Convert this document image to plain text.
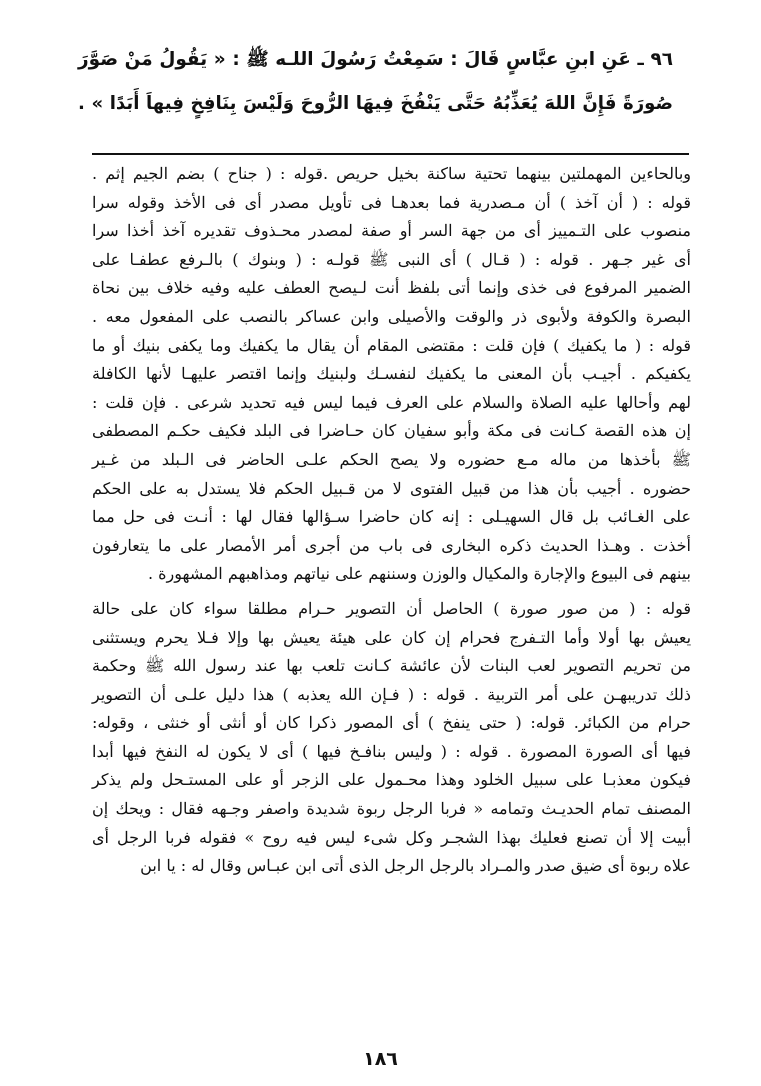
٩٦ ـ عَنِ ابنِ عبَّاسٍ قَالَ : سَمِعْتُ رَسُولَ اللـه ﷺ : « يَقُولُ مَنْ صَوَّرَ

صُورَةً فَإِنَّ اللهَ يُعَذِّبُهُ حَتَّى يَنْفُخَ فِيهَا الرُّوحَ وَلَيْسَ بِنَافِخٍ فِيهاَ أَبَدًا » .

وبالحاءين المهملتين بينهما تحتية ساكنة بخيل حريص .قوله : ( جناح ) بضم الجيم إثم .
قوله : ( أن آخذ ) أن مـصدرية فما بعدهـا فى تأويل مصدر أى فى الأخذ وقوله سرا
منصوب على التـمييز أى من جهة السر أو صفة لمصدر محـذوف تقديره آخذ أخذا سرا
أى غير جـهر . قوله : ( قـال ) أى النبى ﷺ قولـه : ( وبنوك ) بالـرفع عطفـا على
الضمير المرفوع فى خذى وإنما أتى بلفظ أنت لـيصح العطف عليه وفيه خلاف بين نحاة
البصرة والكوفة ولأبوى ذر والوقت والأصيلى وابن عساكر بالنصب على المفعول معه .
قوله : ( ما يكفيك ) فإن قلت : مقتضى المقام أن يقال ما يكفيك وما يكفى بنيك أو ما
يكفيكم . أجيـب بأن المعنى ما يكفيك لنفسـك ولبنيك وإنما اقتصر عليهـا لأنها الكافلة
لهم وأحالها عليه الصلاة والسلام على العرف فيما ليس فيه تحديد شرعى . فإن قلت :
إن هذه القصة كـانت فى مكة وأبو سفيان كان حـاضرا فى البلد فكيف حكـم المصطفى
ﷺ بأخذها من ماله مـع حضوره ولا يصح الحكم علـى الحاضر فى الـبلد من غـير
حضوره . أجيب بأن هذا من قبيل الفتوى لا من قـبيل الحكم فلا يستدل به على الحكم
على الغـائب بل قال السهيـلى : إنه كان حاضرا سـؤالها فقال لها : أنـت فى حل مما
أخذت . وهـذا الحديث ذكره البخارى فى باب من أجرى أمر الأمصار على ما يتعارفون
بينهم فى البيوع والإجارة والمكيال والوزن وسننهم على نياتهم ومذاهبهم المشهورة .
قوله : ( من صور صورة ) الحاصل أن التصوير حـرام مطلقا سواء كان على حالة
يعيش بها أولا وأما التـفرج فحرام إن كان على هيئة يعيش بها وإلا فـلا يحرم ويستثنى
من تحريم التصوير لعب البنات لأن عائشة كـانت تلعب بها عند رسول الله ﷺ وحكمة
ذلك تدريبهـن على أمر التربية . قوله : ( فـإن الله يعذبه ) هذا دليل علـى أن التصوير
حرام من الكبائر. قوله: ( حتى ينفخ ) أى المصور ذكرا كان أو أنثى أو خنثى ، وقوله:
فيها أى الصورة المصورة . قوله : ( وليس بنافـخ فيها ) أى لا يكون له النفخ فيها أبدا
فيكون معذبـا على سبيل الخلود وهذا محـمول على الزجر أو على المستـحل ولم يذكر
المصنف تمام الحديـث وتمامه « فربا الرجل ربوة شديدة واصفر وجـهه فقال : ويحك إن
أبيت إلا أن تصنع فعليك بهذا الشجـر وكل شىء ليس فيه روح » فقوله فربا الرجل أى
علاه ربوة أى ضيق صدر والمـراد بالرجل الرجل الذى أتى ابن عبـاس وقال له : يا ابن
١٨٦
